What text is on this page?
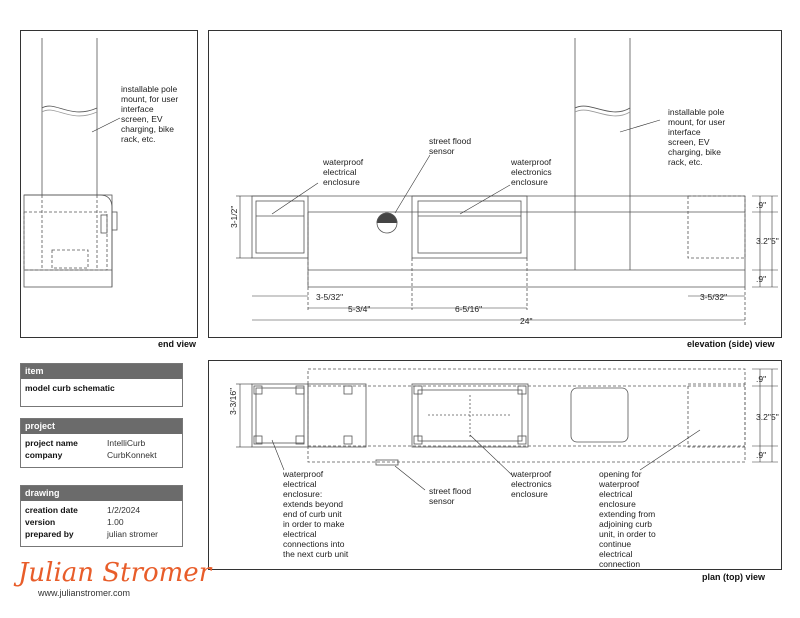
installable pole
mount, for user
interface
screen, EV
charging, bike
rack, etc.
end view
3-1/2"
3-5/32"
5-3/4"	6-5/16"
3-5/32"
24"
.9"
3.2"
.9"
5"
waterproof
electrical
enclosure
street flood
sensor
waterproof
electronics
enclosure
installable pole
mount, for user
interface
screen, EV
charging, bike
rack, etc.
elevation (side) view
3-3/16"
.9"
3.2"
.9"
5"
waterproof
electrical
enclosure:
extends beyond
end of curb unit
in order to make
electrical
connections into
the next curb unit
street flood
sensor
waterproof
electronics
enclosure
opening for
waterproof
electrical
enclosure
extending from
adjoining curb
unit, in order to
continue
electrical
connection
plan (top) view
item
model curb schematic
project
project name	IntelliCurb
company	CurbKonnekt
drawing
creation date	1/2/2024
version	1.00
prepared by	julian stromer
Julian Stromer
www.julianstromer.com
